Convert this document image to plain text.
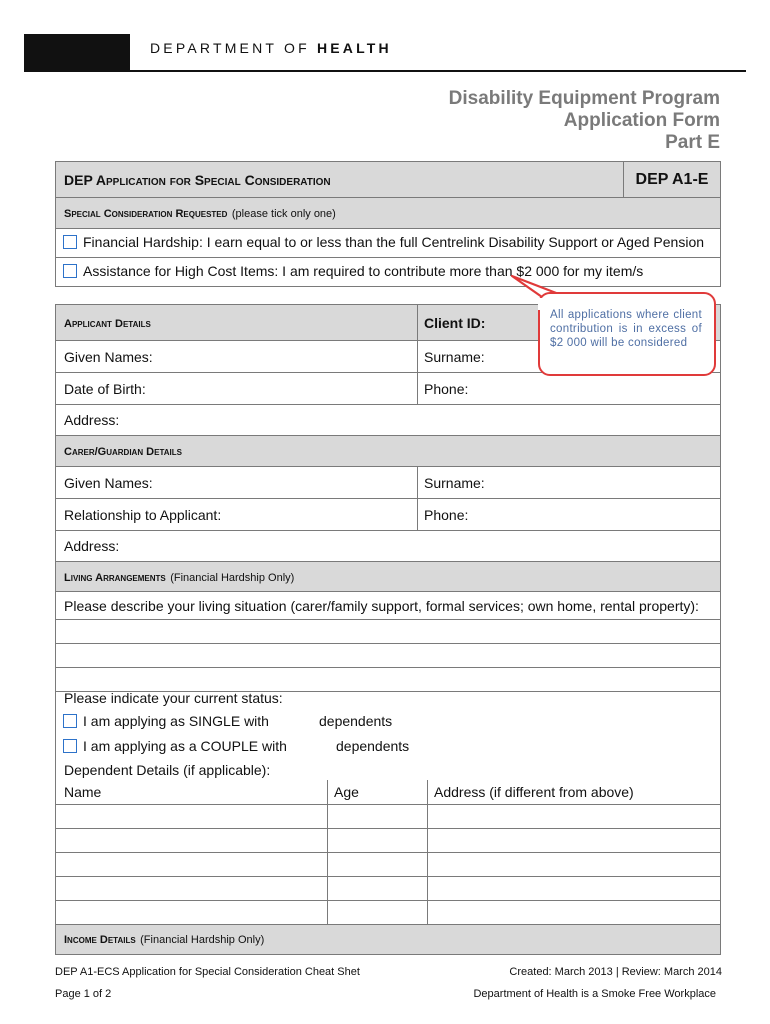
DEPARTMENT OF HEALTH
Disability Equipment Program
Application Form
Part E
DEP Application for Special Consideration	DEP A1-E
Special Consideration Requested (please tick only one)
Financial Hardship: I earn equal to or less than the full Centrelink Disability Support or Aged Pension
Assistance for High Cost Items: I am required to contribute more than $2 000 for my item/s
Applicant Details	Client ID:
Given Names:	Surname:
Date of Birth:	Phone:
Address:	
Carer/Guardian Details	
Given Names:	Surname:
Relationship to Applicant:	Phone:
Address:	
Living Arrangements (Financial Hardship Only)	
Please describe your living situation (carer/family support, formal services; own home, rental property):	

Please indicate your current status:
I am applying as SINGLE with	dependents
I am applying as a COUPLE with	dependents
Dependent Details (if applicable):
Name	Age	Address (if different from above)

Income Details (Financial Hardship Only)		
All applications where client contribution is in excess of $2 000 will be considered
DEP A1-ECS Application for Special Consideration Cheat Shet
Page 1 of 2
Created: March 2013 | Review: March 2014
Department of Health is a Smoke Free Workplace
